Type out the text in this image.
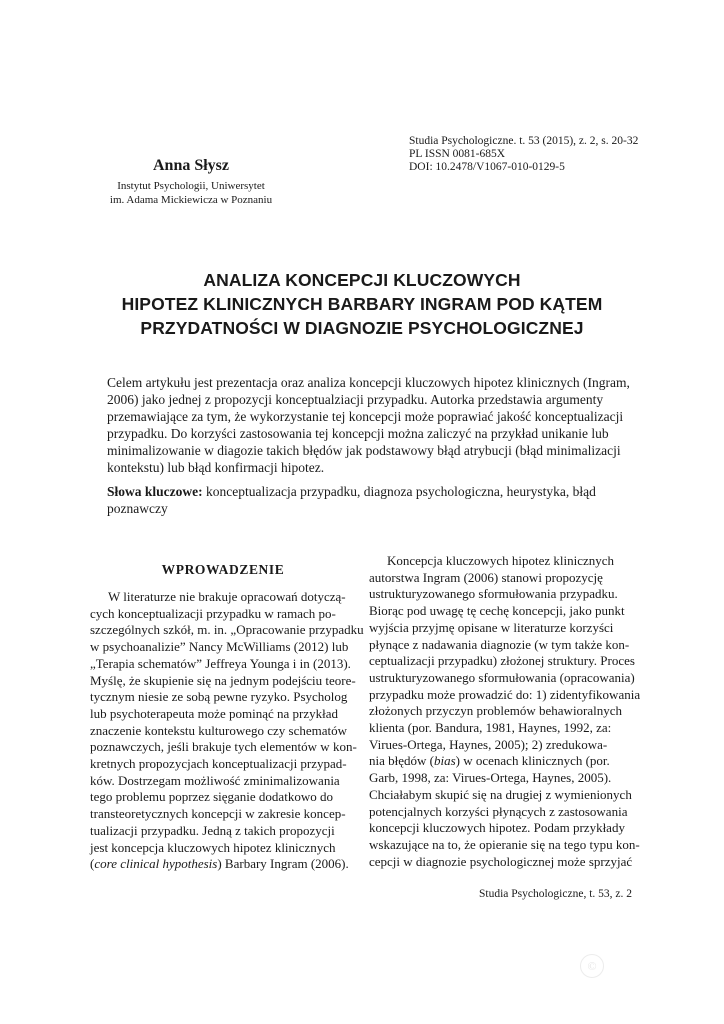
Studia Psychologiczne. t. 53 (2015), z. 2, s. 20-32
PL ISSN 0081-685X
DOI: 10.2478/V1067-010-0129-5
Anna Słysz
Instytut Psychologii, Uniwersytet
im. Adama Mickiewicza w Poznaniu
ANALIZA KONCEPCJI KLUCZOWYCH
HIPOTEZ KLINICZNYCH BARBARY INGRAM POD KĄTEM
PRZYDATNOŚCI W DIAGNOZIE PSYCHOLOGICZNEJ
Celem artykułu jest prezentacja oraz analiza koncepcji kluczowych hipotez klinicznych (Ingram,
2006) jako jednej z propozycji konceptualziacji przypadku. Autorka przedstawia argumenty
przemawiające za tym, że wykorzystanie tej koncepcji może poprawiać jakość konceptualizacji
przypadku. Do korzyści zastosowania tej koncepcji można zaliczyć na przykład unikanie lub
minimalizowanie w diagozie takich błędów jak podstawowy błąd atrybucji (błąd minimalizacji
kontekstu) lub błąd konfirmacji hipotez.
Słowa kluczowe: konceptualizacja przypadku, diagnoza psychologiczna, heurystyka, błąd
poznawczy
WPROWADZENIE
W literaturze nie brakuje opracowań dotyczą-
cych konceptualizacji przypadku w ramach po-
szczególnych szkół, m. in. „Opracowanie przypadku
w psychoanalizie” Nancy McWilliams (2012) lub
„Terapia schematów” Jeffreya Younga i in (2013).
Myślę, że skupienie się na jednym podejściu teore-
tycznym niesie ze sobą pewne ryzyko. Psycholog
lub psychoterapeuta może pominąć na przykład
znaczenie kontekstu kulturowego czy schematów
poznawczych, jeśli brakuje tych elementów w kon-
kretnych propozycjach konceptualizacji przypad-
ków. Dostrzegam możliwość zminimalizowania
tego problemu poprzez sięganie dodatkowo do
transteoretycznych koncepcji w zakresie koncep-
tualizacji przypadku. Jedną z takich propozycji
jest koncepcja kluczowych hipotez klinicznych
(core clinical hypothesis) Barbary Ingram (2006).
Koncepcja kluczowych hipotez klinicznych
autorstwa Ingram (2006) stanowi propozycję
ustrukturyzowanego sformułowania przypadku.
Biorąc pod uwagę tę cechę koncepcji, jako punkt
wyjścia przyjmę opisane w literaturze korzyści
płynące z nadawania diagnozie (w tym także kon-
ceptualizacji przypadku) złożonej struktury. Proces
ustrukturyzowanego sformułowania (opracowania)
przypadku może prowadzić do: 1) zidentyfikowania
złożonych przyczyn problemów behawioralnych
klienta (por. Bandura, 1981, Haynes, 1992, za:
Virues-Ortega, Haynes, 2005); 2) zredukowa-
nia błędów (bias) w ocenach klinicznych (por.
Garb, 1998, za: Virues-Ortega, Haynes, 2005).
Chciałabym skupić się na drugiej z wymienionych
potencjalnych korzyści płynących z zastosowania
koncepcji kluczowych hipotez. Podam przykłady
wskazujące na to, że opieranie się na tego typu kon-
cepcji w diagnozie psychologicznej może sprzyjać
Studia Psychologiczne, t. 53, z. 2
©
